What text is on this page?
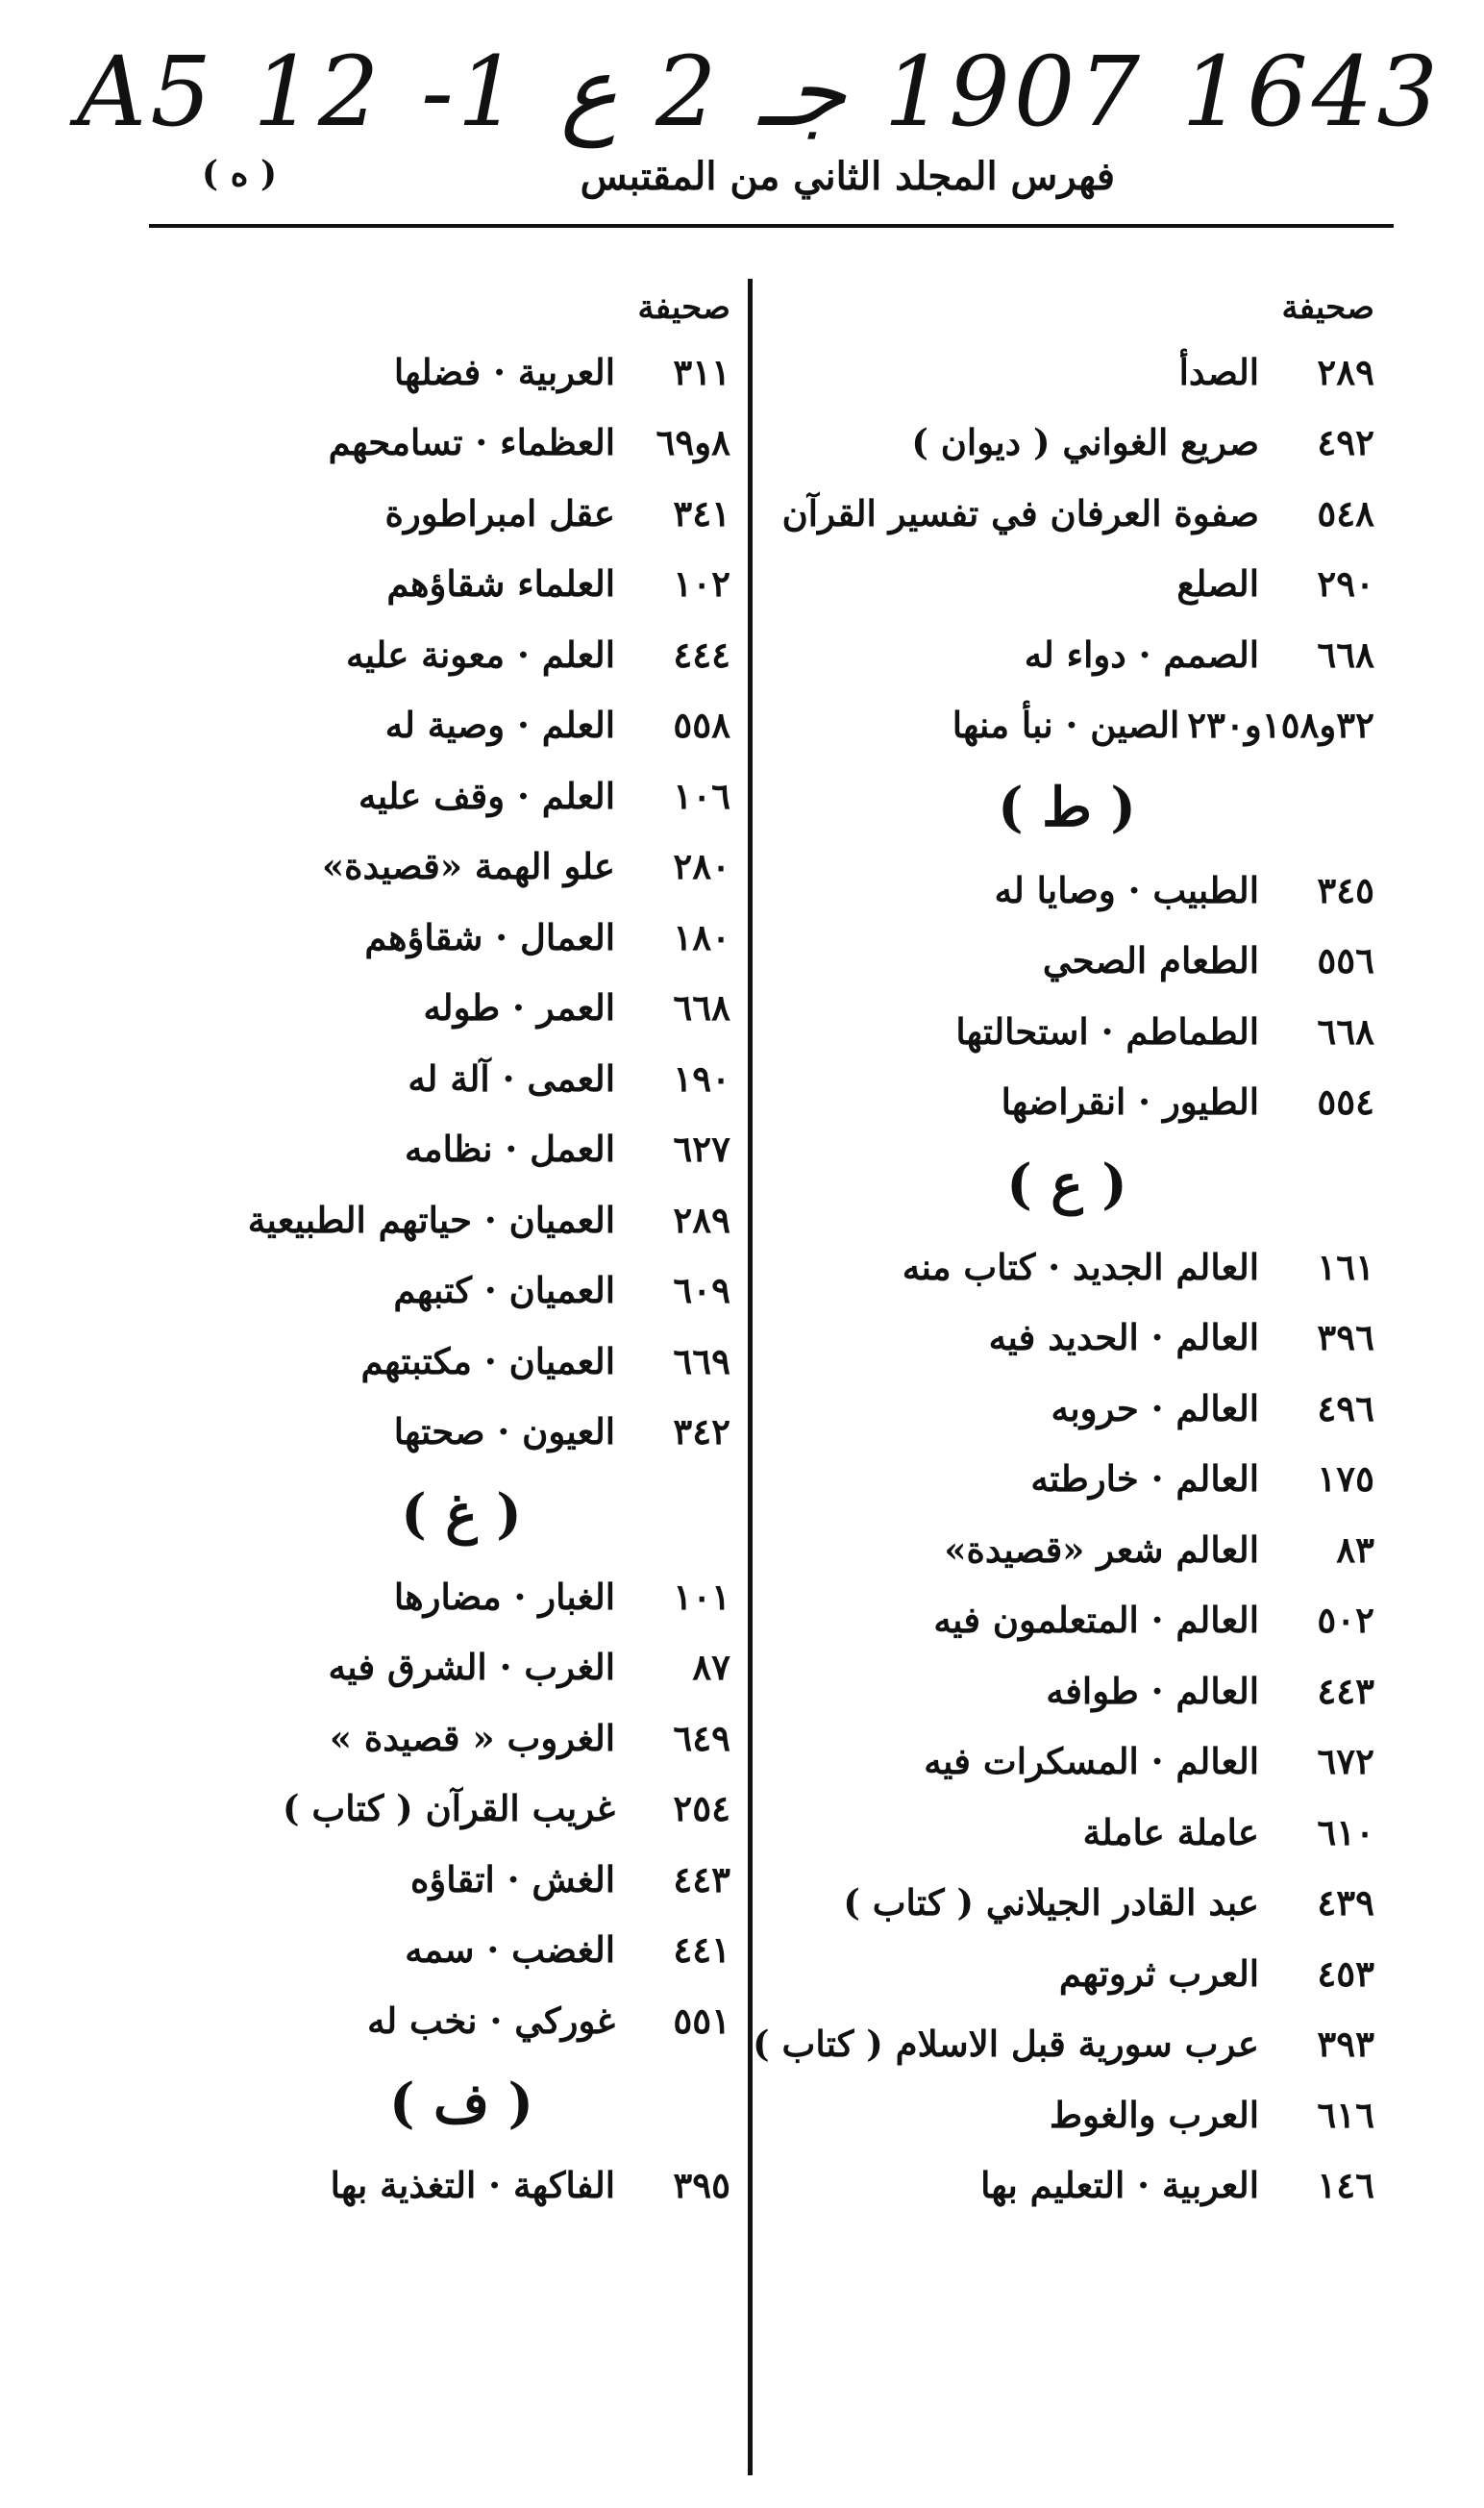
A5 12 -1 ع 2 جـ 1907 1643
( ه )	فهرس المجلد الثاني من المقتبس
صحيفة
٢٨٩
الصدأ
٤٩٢
صريع الغواني ( ديوان )
٥٤٨
صفوة العرفان في تفسير القرآن
٢٩٠
الصلع
٦٦٨
الصمم · دواء له
٣٢و١٥٨و٢٣٠
الصين · نبأ منها
( ط )
٣٤٥
الطبيب · وصايا له
٥٥٦
الطعام الصحي
٦٦٨
الطماطم · استحالتها
٥٥٤
الطيور · انقراضها
( ع )
١٦١
العالم الجديد · كتاب منه
٣٩٦
العالم · الحديد فيه
٤٩٦
العالم · حروبه
١٧٥
العالم · خارطته
٨٣
العالم شعر «قصيدة»
٥٠٢
العالم · المتعلمون فيه
٤٤٣
العالم · طوافه
٦٧٢
العالم · المسكرات فيه
٦١٠
عاملة عاملة
٤٣٩
عبد القادر الجيلاني ( كتاب )
٤٥٣
العرب ثروتهم
٣٩٣
عرب سورية قبل الاسلام ( كتاب )
٦١٦
العرب والغوط
١٤٦
العربية · التعليم بها
صحيفة
٣١١
العربية · فضلها
٨و٦٩
العظماء · تسامحهم
٣٤١
عقل امبراطورة
١٠٢
العلماء شقاؤهم
٤٤٤
العلم · معونة عليه
٥٥٨
العلم · وصية له
١٠٦
العلم · وقف عليه
٢٨٠
علو الهمة «قصيدة»
١٨٠
العمال · شقاؤهم
٦٦٨
العمر · طوله
١٩٠
العمى · آلة له
٦٢٧
العمل · نظامه
٢٨٩
العميان · حياتهم الطبيعية
٦٠٩
العميان · كتبهم
٦٦٩
العميان · مكتبتهم
٣٤٢
العيون · صحتها
( غ )
١٠١
الغبار · مضارها
٨٧
الغرب · الشرق فيه
٦٤٩
الغروب « قصيدة »
٢٥٤
غريب القرآن ( كتاب )
٤٤٣
الغش · اتقاؤه
٤٤١
الغضب · سمه
٥٥١
غوركي · نخب له
( ف )
٣٩٥
الفاكهة · التغذية بها
